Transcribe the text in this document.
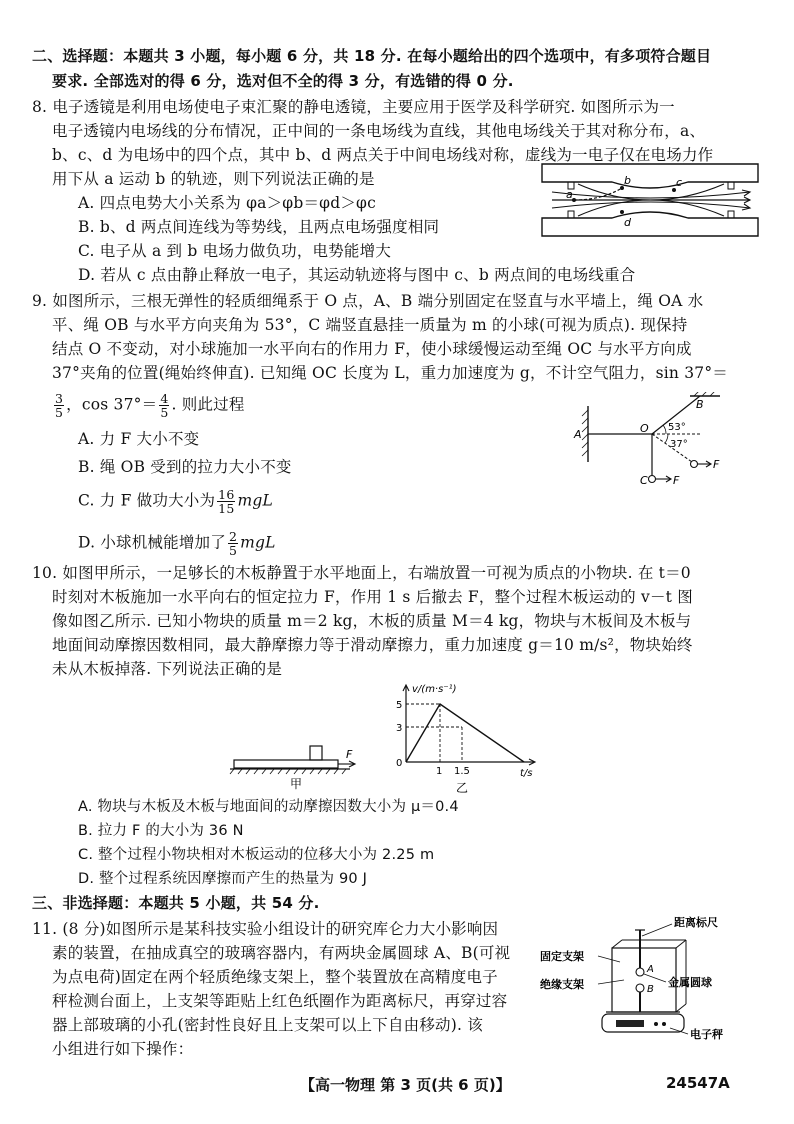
二、选择题：本题共 3 小题，每小题 6 分，共 18 分. 在每小题给出的四个选项中，有多项符合题目
要求. 全部选对的得 6 分，选对但不全的得 3 分，有选错的得 0 分.
8. 电子透镜是利用电场使电子束汇聚的静电透镜，主要应用于医学及科学研究. 如图所示为一
电子透镜内电场线的分布情况，正中间的一条电场线为直线，其他电场线关于其对称分布，a、
b、c、d 为电场中的四个点，其中 b、d 两点关于中间电场线对称，虚线为一电子仅在电场力作
用下从 a 运动 b 的轨迹，则下列说法正确的是
A. 四点电势大小关系为 φa＞φb＝φd＞φc
B. b、d 两点间连线为等势线，且两点电场强度相同
C. 电子从 a 到 b 电场力做负功，电势能增大
D. 若从 c 点由静止释放一电子，其运动轨迹将与图中 c、b 两点间的电场线重合
a
b	c
d
9. 如图所示，三根无弹性的轻质细绳系于 O 点，A、B 端分别固定在竖直与水平墙上，绳 OA 水
平、绳 OB 与水平方向夹角为 53°，C 端竖直悬挂一质量为 m 的小球(可视为质点). 现保持
结点 O 不变动，对小球施加一水平向右的作用力 F，使小球缓慢运动至绳 OC 与水平方向成
37°夹角的位置(绳始终伸直). 已知绳 OC 长度为 L，重力加速度为 g，不计空气阻力，sin 37°＝
$\frac{3}{5}$ ，$\cos 37^\circ= \frac{4}{5}$ . 则此过程
A. 力 F 大小不变
B. 绳 OB 受到的拉力大小不变
C. 力 F 做功大小为 $\frac{16}{15}$ mgL
D. 小球机械能增加了 $\frac{2}{5}$ mgL
A
B
O
C F
F
53°
37°
10. 如图甲所示，一足够长的木板静置于水平地面上，右端放置一可视为质点的小物块. 在 t＝0
时刻对木板施加一水平向右的恒定拉力 F，作用 1 s 后撤去 F，整个过程木板运动的 v－t 图
像如图乙所示. 已知小物块的质量 m＝2 kg，木板的质量 M＝4 kg，物块与木板间及木板与
地面间动摩擦因数相同，最大静摩擦力等于滑动摩擦力，重力加速度 g＝10 m/s²，物块始终
未从木板掉落. 下列说法正确的是
F
甲
v/(m·s⁻¹)
t/s
5
3
0
1 1.5
乙
A. 物块与木板及木板与地面间的动摩擦因数大小为 μ＝0.4
B. 拉力 F 的大小为 36 N
C. 整个过程小物块相对木板运动的位移大小为 2.25 m
D. 整个过程系统因摩擦而产生的热量为 90 J
三、非选择题：本题共 5 小题，共 54 分.
11. (8 分)如图所示是某科技实验小组设计的研究库仑力大小影响因
素的装置，在抽成真空的玻璃容器内，有两块金属圆球 A、B(可视
为点电荷)固定在两个轻质绝缘支架上，整个装置放在高精度电子
秤检测台面上，上支架等距贴上红色纸圈作为距离标尺，再穿过容
器上部玻璃的小孔(密封性良好且上支架可以上下自由移动). 该
小组进行如下操作：
距离标尺
固定支架
绝缘支架	金属圆球
电子秤
A
B
【高一物理 第 3 页(共 6 页)】	24547A
